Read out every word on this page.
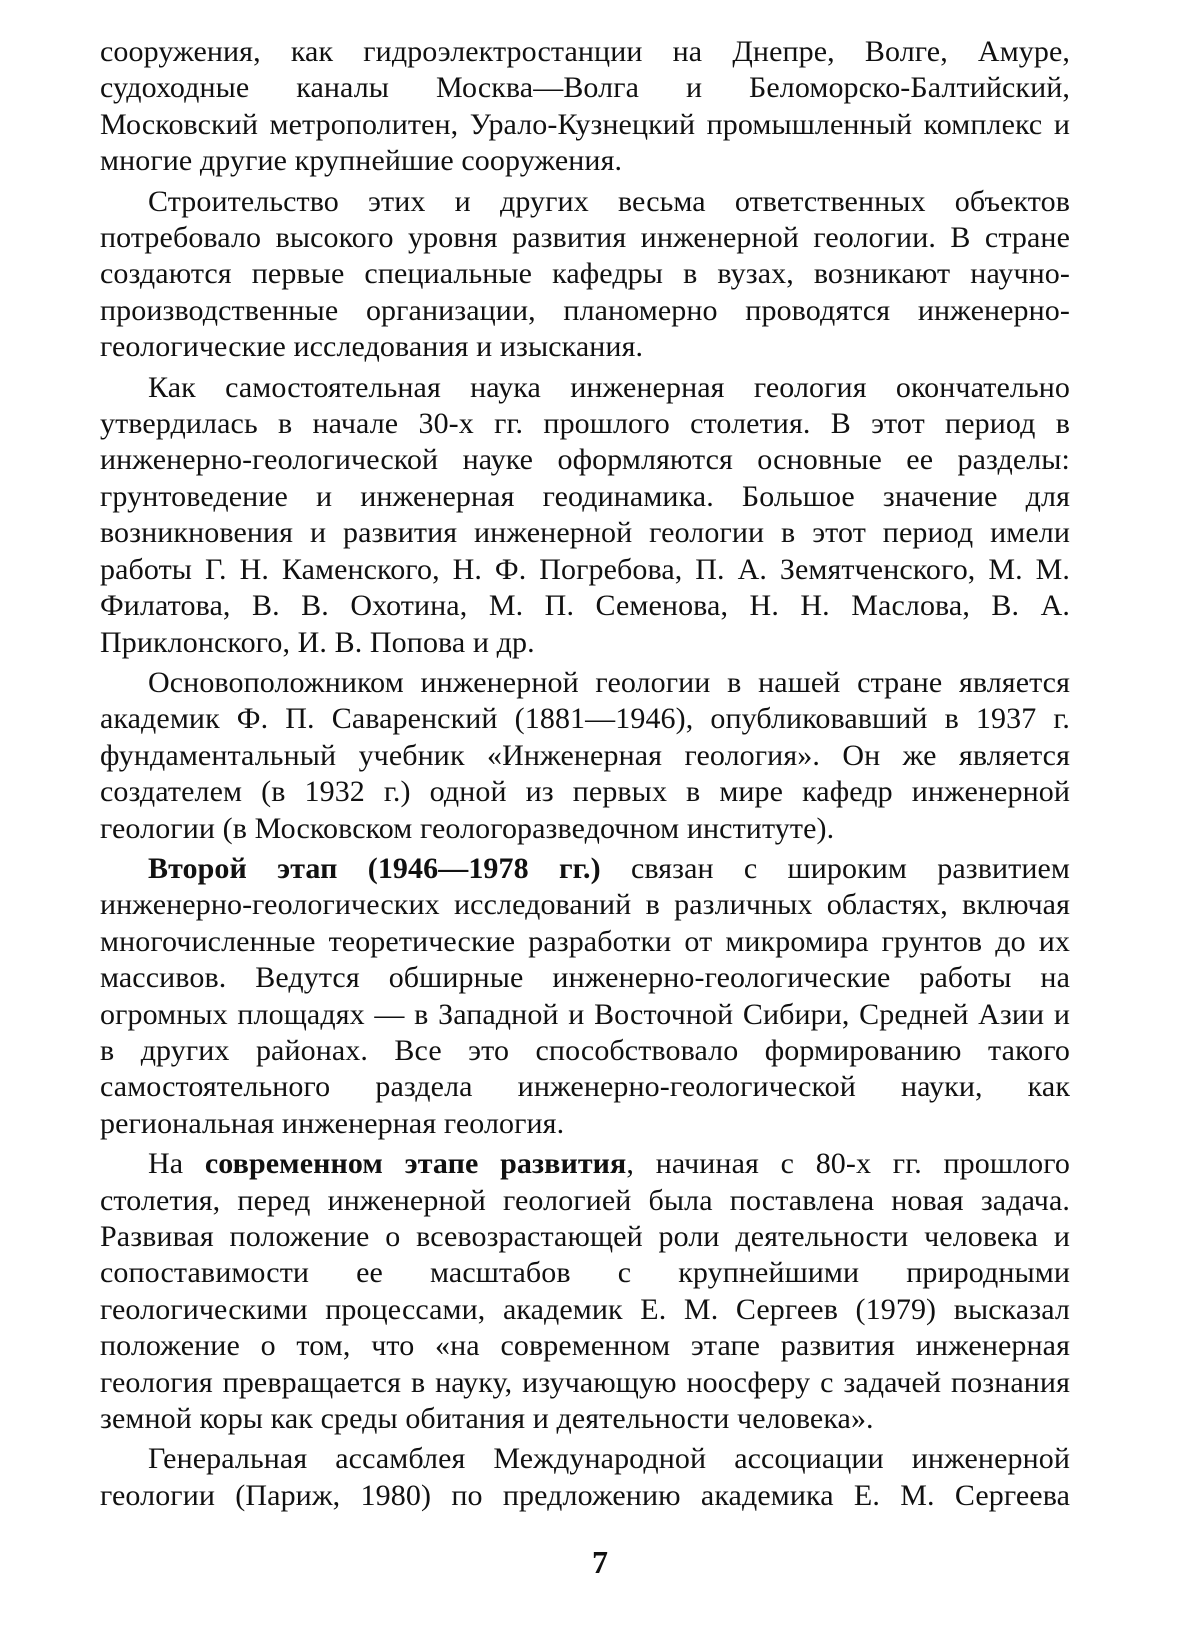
сооружения, как гидроэлектростанции на Днепре, Волге, Амуре, судоходные каналы Москва—Волга и Беломорско-Балтийский, Московский метрополитен, Урало-Кузнецкий промышленный комплекс и многие другие крупнейшие сооружения.

Строительство этих и других весьма ответственных объектов потребовало высокого уровня развития инженерной геологии. В стране создаются первые специальные кафедры в вузах, возникают научно-производственные организации, планомерно проводятся инженерно-геологические исследования и изыскания.

Как самостоятельная наука инженерная геология окончательно утвердилась в начале 30-х гг. прошлого столетия. В этот период в инженерно-геологической науке оформляются основные ее разделы: грунтоведение и инженерная геодинамика. Большое значение для возникновения и развития инженерной геологии в этот период имели работы Г. Н. Каменского, Н. Ф. Погребова, П. А. Земятченского, М. М. Филатова, В. В. Охотина, М. П. Семенова, Н. Н. Маслова, В. А. Приклонского, И. В. Попова и др.

Основоположником инженерной геологии в нашей стране является академик Ф. П. Саваренский (1881—1946), опубликовавший в 1937 г. фундаментальный учебник «Инженерная геология». Он же является создателем (в 1932 г.) одной из первых в мире кафедр инженерной геологии (в Московском геологоразведочном институте).

Второй этап (1946—1978 гг.) связан с широким развитием инженерно-геологических исследований в различных областях, включая многочисленные теоретические разработки от микромира грунтов до их массивов. Ведутся обширные инженерно-геологические работы на огромных площадях — в Западной и Восточной Сибири, Средней Азии и в других районах. Все это способствовало формированию такого самостоятельного раздела инженерно-геологической науки, как региональная инженерная геология.

На современном этапе развития, начиная с 80-х гг. прошлого столетия, перед инженерной геологией была поставлена новая задача. Развивая положение о всевозрастающей роли деятельности человека и сопоставимости ее масштабов с крупнейшими природными геологическими процессами, академик Е. М. Сергеев (1979) высказал положение о том, что «на современном этапе развития инженерная геология превращается в науку, изучающую ноосферу с задачей познания земной коры как среды обитания и деятельности человека».

Генеральная ассамблея Международной ассоциации инженерной геологии (Париж, 1980) по предложению академика Е. М. Сергеева

7
